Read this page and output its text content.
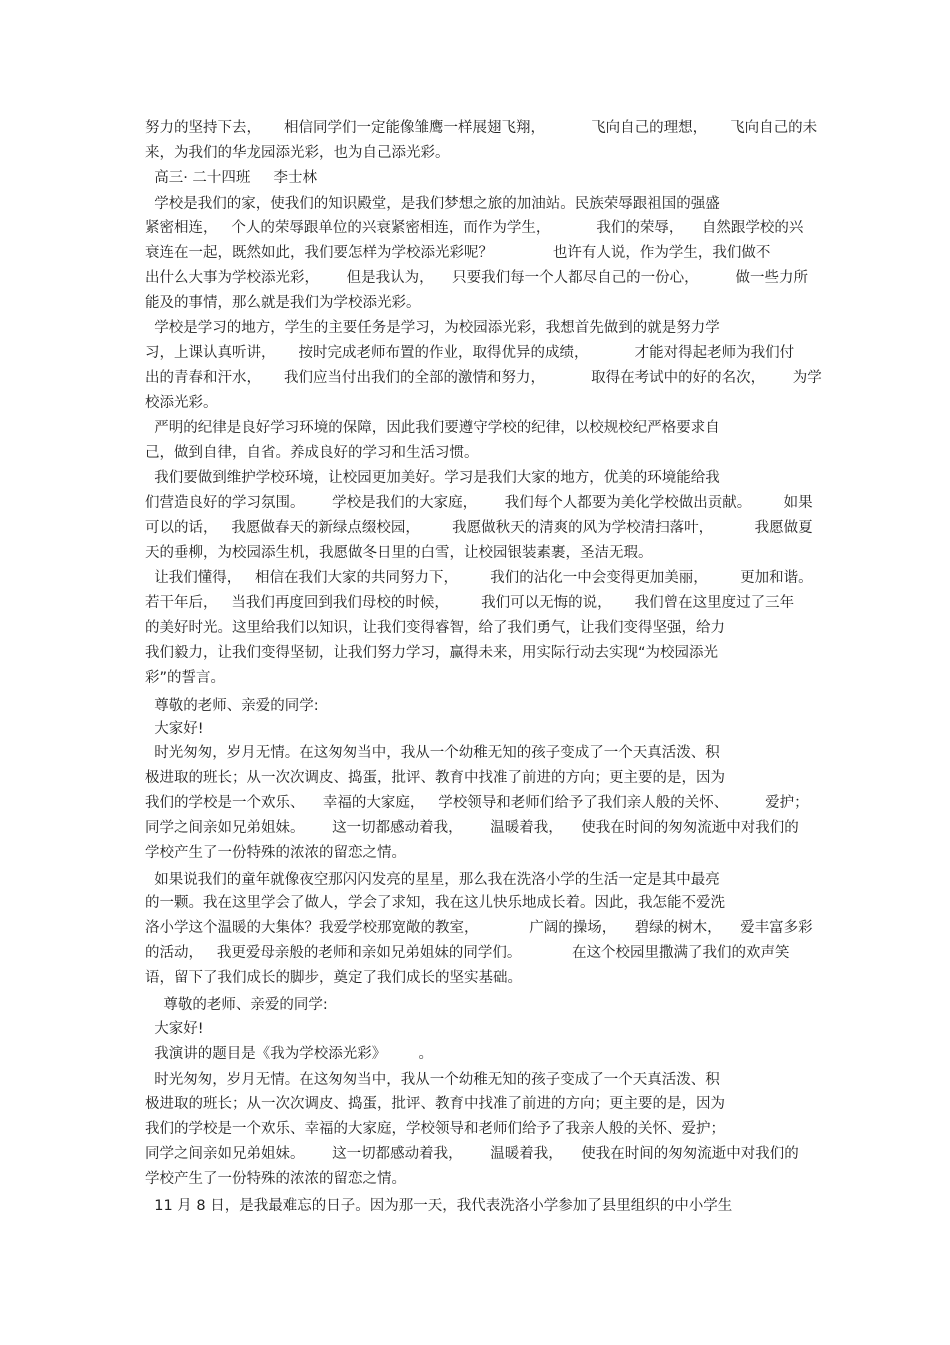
努力的坚持下去，     相信同学们一定能像雏鹰一样展翅飞翔，          飞向自己的理想，     飞向自己的未
来，为我们的华龙园添光彩，也为自己添光彩。
高三· 二十四班     李士林
学校是我们的家，使我们的知识殿堂，是我们梦想之旅的加油站。民族荣辱跟祖国的强盛
紧密相连，   个人的荣辱跟单位的兴衰紧密相连，而作为学生，          我们的荣辱，    自然跟学校的兴
衰连在一起，既然如此，我们要怎样为学校添光彩呢？             也许有人说，作为学生，我们做不
出什么大事为学校添光彩，      但是我认为，    只要我们每一个人都尽自己的一份心，        做一些力所
能及的事情，那么就是我们为学校添光彩。
学校是学习的地方，学生的主要任务是学习，为校园添光彩，我想首先做到的就是努力学
习，上课认真听讲，     按时完成老师布置的作业，取得优异的成绩，          才能对得起老师为我们付
出的青春和汗水，     我们应当付出我们的全部的激情和努力，          取得在考试中的好的名次，      为学
校添光彩。
严明的纪律是良好学习环境的保障，因此我们要遵守学校的纪律，以校规校纪严格要求自
己，做到自律，自省。养成良好的学习和生活习惯。
我们要做到维护学校环境，让校园更加美好。学习是我们大家的地方，优美的环境能给我
们营造良好的学习氛围。      学校是我们的大家庭，      我们每个人都要为美化学校做出贡献。       如果
可以的话，   我愿做春天的新绿点缀校园，       我愿做秋天的清爽的风为学校清扫落叶，         我愿做夏
天的垂柳，为校园添生机，我愿做冬日里的白雪，让校园银装素裹，圣洁无瑕。
让我们懂得，   相信在我们大家的共同努力下，       我们的沾化一中会变得更加美丽，       更加和谐。
若干年后，   当我们再度回到我们母校的时候，       我们可以无悔的说，     我们曾在这里度过了三年
的美好时光。这里给我们以知识，让我们变得睿智，给了我们勇气，让我们变得坚强，给力
我们毅力，让我们变得坚韧，让我们努力学习，赢得未来，用实际行动去实现“为校园添光
彩”的誓言。
尊敬的老师、亲爱的同学:
大家好!
时光匆匆，岁月无情。在这匆匆当中，我从一个幼稚无知的孩子变成了一个天真活泼、积
极进取的班长；从一次次调皮、捣蛋，批评、教育中找准了前进的方向；更主要的是，因为
我们的学校是一个欢乐、    幸福的大家庭，   学校领导和老师们给予了我们亲人般的关怀、        爱护；
同学之间亲如兄弟姐妹。      这一切都感动着我，      温暖着我，    使我在时间的匆匆流逝中对我们的
学校产生了一份特殊的浓浓的留恋之情。
如果说我们的童年就像夜空那闪闪发亮的星星，那么我在洗洛小学的生活一定是其中最亮
的一颗。我在这里学会了做人，学会了求知，我在这儿快乐地成长着。因此，我怎能不爱洗
洛小学这个温暖的大集体？我爱学校那宽敞的教室，           广阔的操场，    碧绿的树木，    爱丰富多彩
的活动，   我更爱母亲般的老师和亲如兄弟姐妹的同学们。           在这个校园里撒满了我们的欢声笑
语，留下了我们成长的脚步，奠定了我们成长的坚实基础。
尊敬的老师、亲爱的同学:
大家好!
我演讲的题目是《我为学校添光彩》       。
时光匆匆，岁月无情。在这匆匆当中，我从一个幼稚无知的孩子变成了一个天真活泼、积
极进取的班长；从一次次调皮、捣蛋，批评、教育中找准了前进的方向；更主要的是，因为
我们的学校是一个欢乐、幸福的大家庭，学校领导和老师们给予了我亲人般的关怀、爱护；
同学之间亲如兄弟姐妹。      这一切都感动着我，      温暖着我，    使我在时间的匆匆流逝中对我们的
学校产生了一份特殊的浓浓的留恋之情。
11 月 8 日，是我最难忘的日子。因为那一天，我代表洗洛小学参加了县里组织的中小学生
